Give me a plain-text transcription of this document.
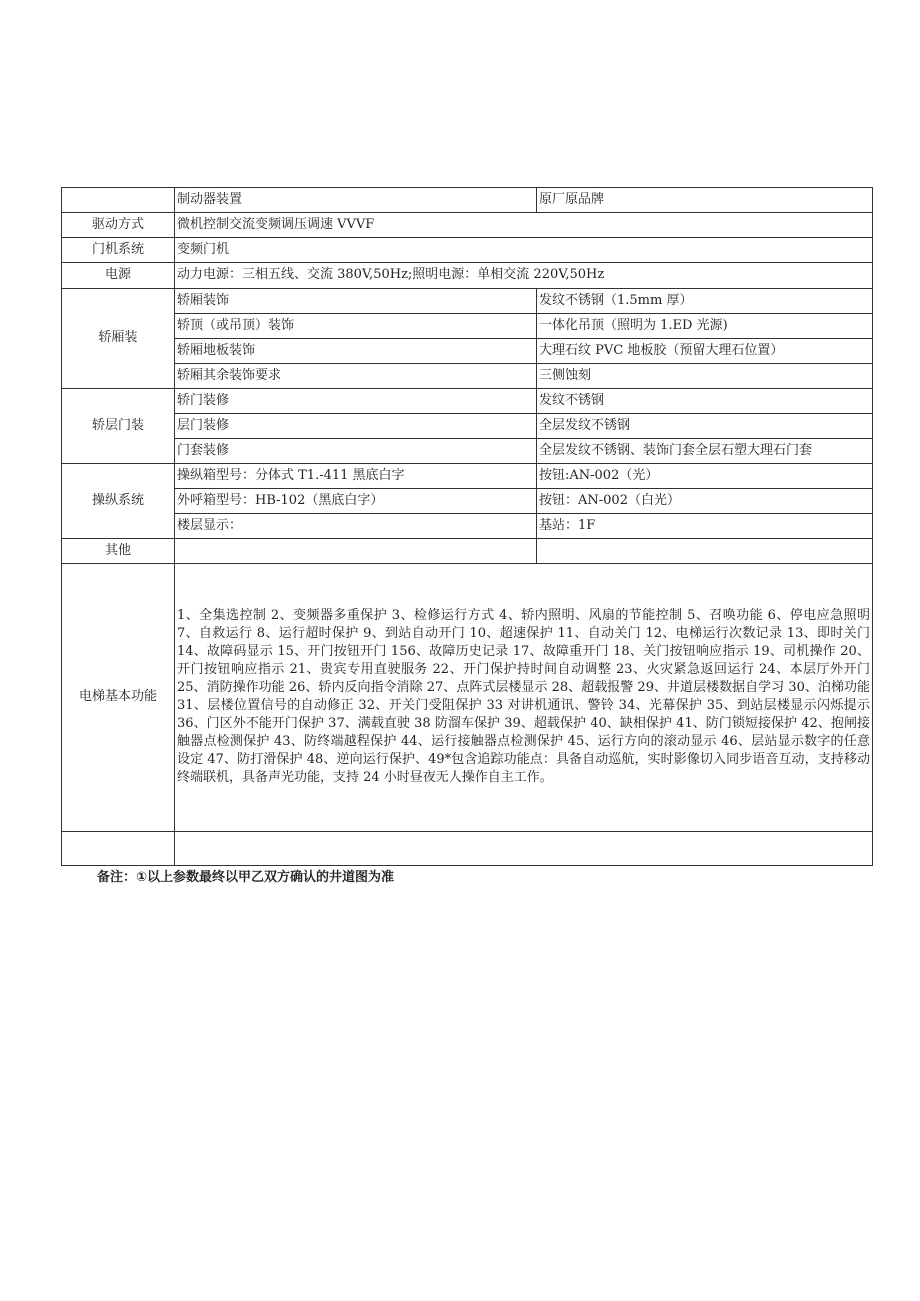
	制动器装置	原厂原品牌
驱动方式	微机控制交流变频调压调速 VVVF	
门机系统	变频门机	
电源	动力电源：三相五线、交流 380V,50Hz;照明电源：单相交流 220V,50Hz	
轿厢装	轿厢装饰	发纹不锈钢（1.5mm 厚）
	轿顶（或吊顶）装饰	一体化吊顶（照明为 1.ED 光源)
	轿厢地板装饰	大理石纹 PVC 地板胶（预留大理石位置）
	轿厢其余装饰要求	三侧蚀刻
轿层门装	轿门装修	发纹不锈钢
	层门装修	全层发纹不锈钢
	门套装修	全层发纹不锈钢、装饰门套全层石塑大理石门套
操纵系统	操纵箱型号：分体式 T1.-411 黑底白字	按钮:AN-002（光）
	外呼箱型号：HB-102（黑底白字）	按钮：AN-002（白光）
	楼层显示：	基站：1F
其他		
电梯基本功能	1、全集选控制 2、变频器多重保护 3、检修运行方式 4、轿内照明、风扇的节能控制 5、召唤功能 6、停电应急照明 7、自救运行 8、运行超时保护 9、到站自动开门 10、超速保护 11、自动关门 12、电梯运行次数记录 13、即时关门 14、故障码显示 15、开门按钮开门 156、故障历史记录 17、故障重开门 18、关门按钮响应指示 19、司机操作 20、开门按钮响应指示 21、贵宾专用直驶服务 22、开门保护持时间自动调整 23、火灾紧急返回运行 24、本层厅外开门 25、消防操作功能 26、轿内反向指令消除 27、点阵式层楼显示 28、超载报警 29、井道层楼数据自学习 30、泊梯功能 31、层楼位置信号的自动修正 32、开关门受阻保护 33 对讲机通讯、警铃 34、光幕保护 35、到站层楼显示闪烁提示 36、门区外不能开门保护 37、满载直驶 38 防溜车保护 39、超载保护 40、缺相保护 41、防门锁短接保护 42、抱闸接触器点检测保护 43、防终端越程保护 44、运行接触器点检测保护 45、运行方向的滚动显示 46、层站显示数字的任意设定 47、防打滑保护 48、逆向运行保护、49*包含追踪功能点：具备自动巡航，实时影像切入同步语音互动，支持移动终端联机，具备声光功能，支持 24 小时昼夜无人操作自主工作。	

备注：①以上参数最终以甲乙双方确认的井道图为准
